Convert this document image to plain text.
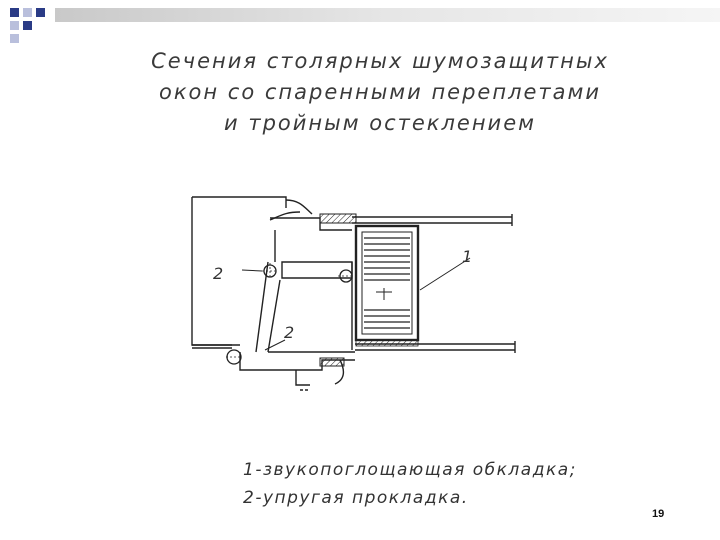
Сечения столярных шумозащитных
окон со спаренными переплетами
и тройным остеклением
1
2
2
1-звукопоглощающая обкладка;
2-упругая прокладка.
19
